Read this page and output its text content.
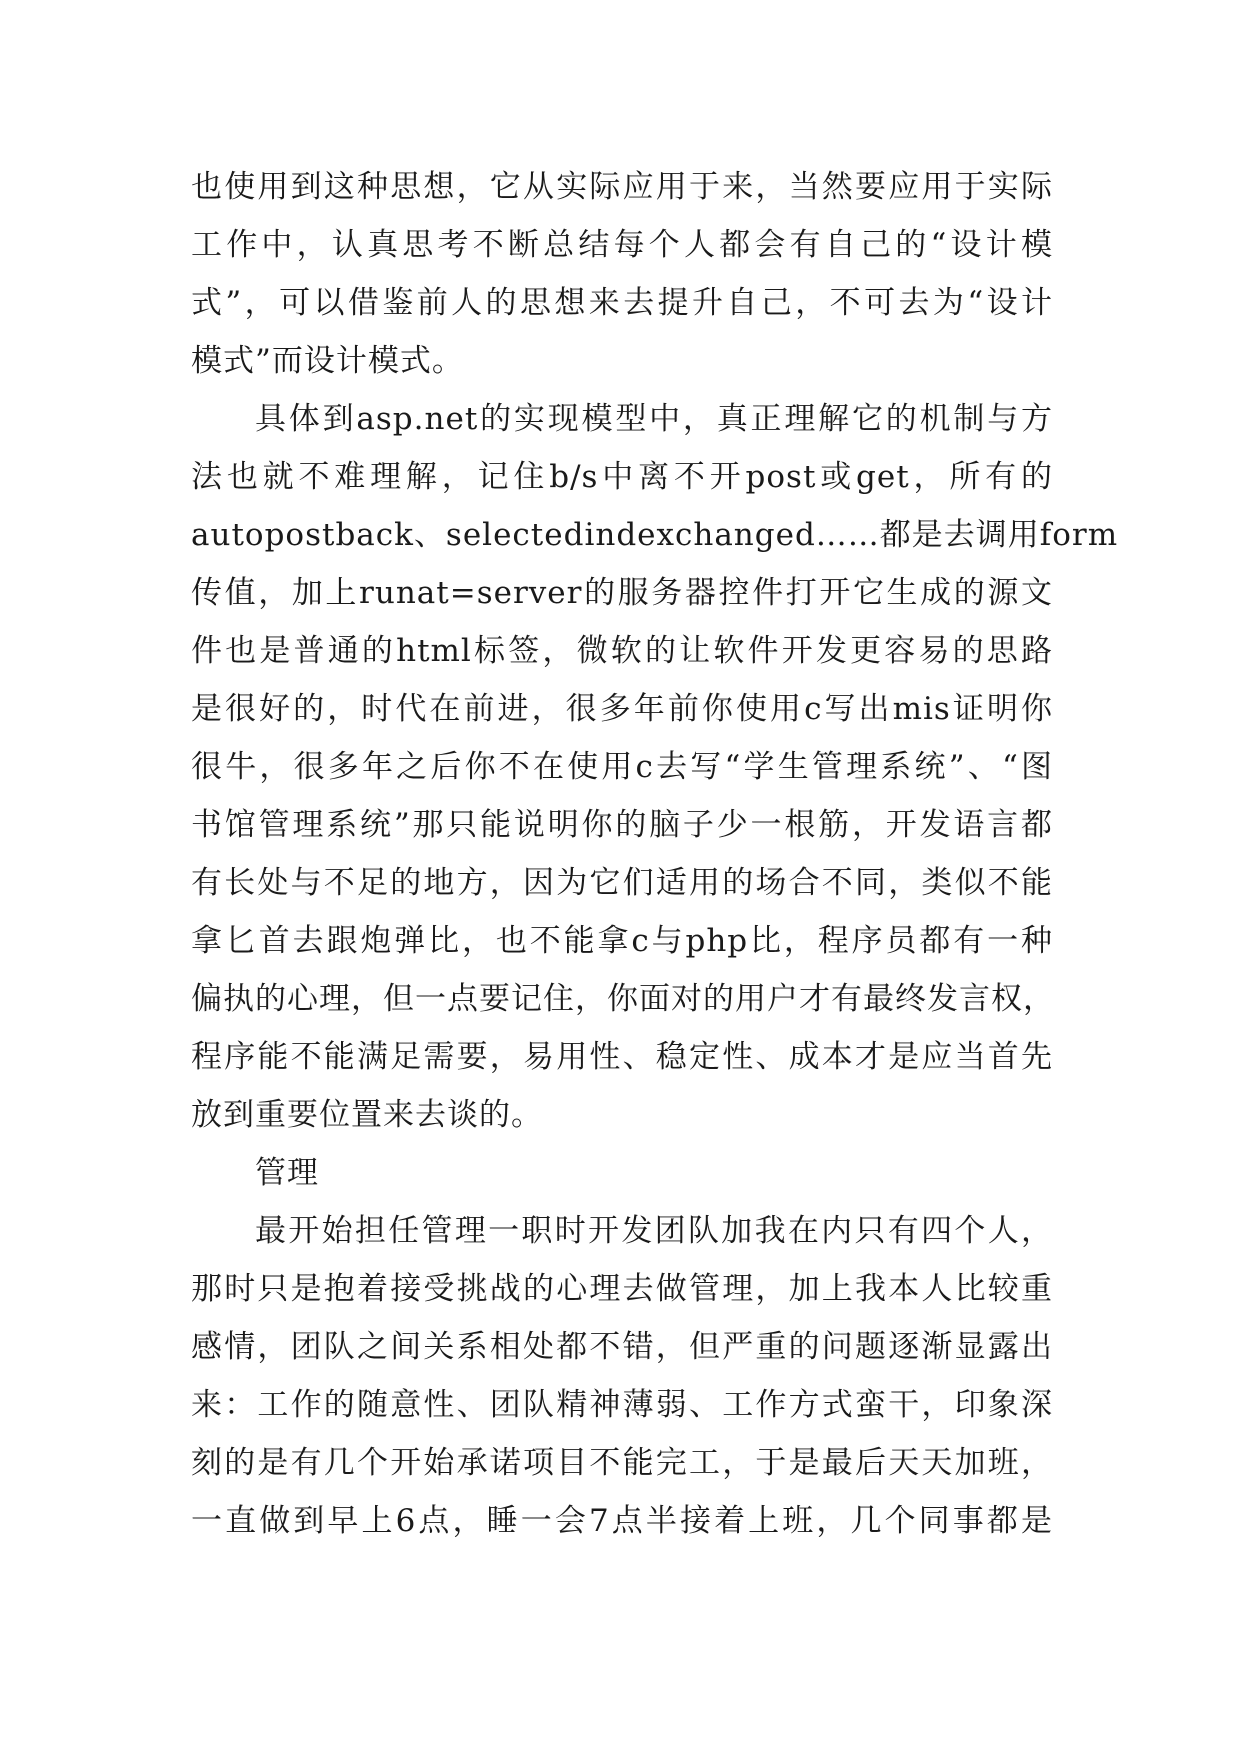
也使用到这种思想，它从实际应用于来，当然要应用于实际
工作中，认真思考不断总结每个人都会有自己的“设计模
式”，可以借鉴前人的思想来去提升自己，不可去为“设计
模式”而设计模式。
具体到asp.net的实现模型中，真正理解它的机制与方
法也就不难理解，记住b/s中离不开post或get，所有的
autopostback、selectedindexchanged……都是去调用form
传值，加上runat=server的服务器控件打开它生成的源文
件也是普通的html标签，微软的让软件开发更容易的思路
是很好的，时代在前进，很多年前你使用c写出mis证明你
很牛，很多年之后你不在使用c去写“学生管理系统”、“图
书馆管理系统”那只能说明你的脑子少一根筋，开发语言都
有长处与不足的地方，因为它们适用的场合不同，类似不能
拿匕首去跟炮弹比，也不能拿c与php比，程序员都有一种
偏执的心理，但一点要记住，你面对的用户才有最终发言权，
程序能不能满足需要，易用性、稳定性、成本才是应当首先
放到重要位置来去谈的。
管理
最开始担任管理一职时开发团队加我在内只有四个人，
那时只是抱着接受挑战的心理去做管理，加上我本人比较重
感情，团队之间关系相处都不错，但严重的问题逐渐显露出
来：工作的随意性、团队精神薄弱、工作方式蛮干，印象深
刻的是有几个开始承诺项目不能完工，于是最后天天加班，
一直做到早上6点，睡一会7点半接着上班，几个同事都是
